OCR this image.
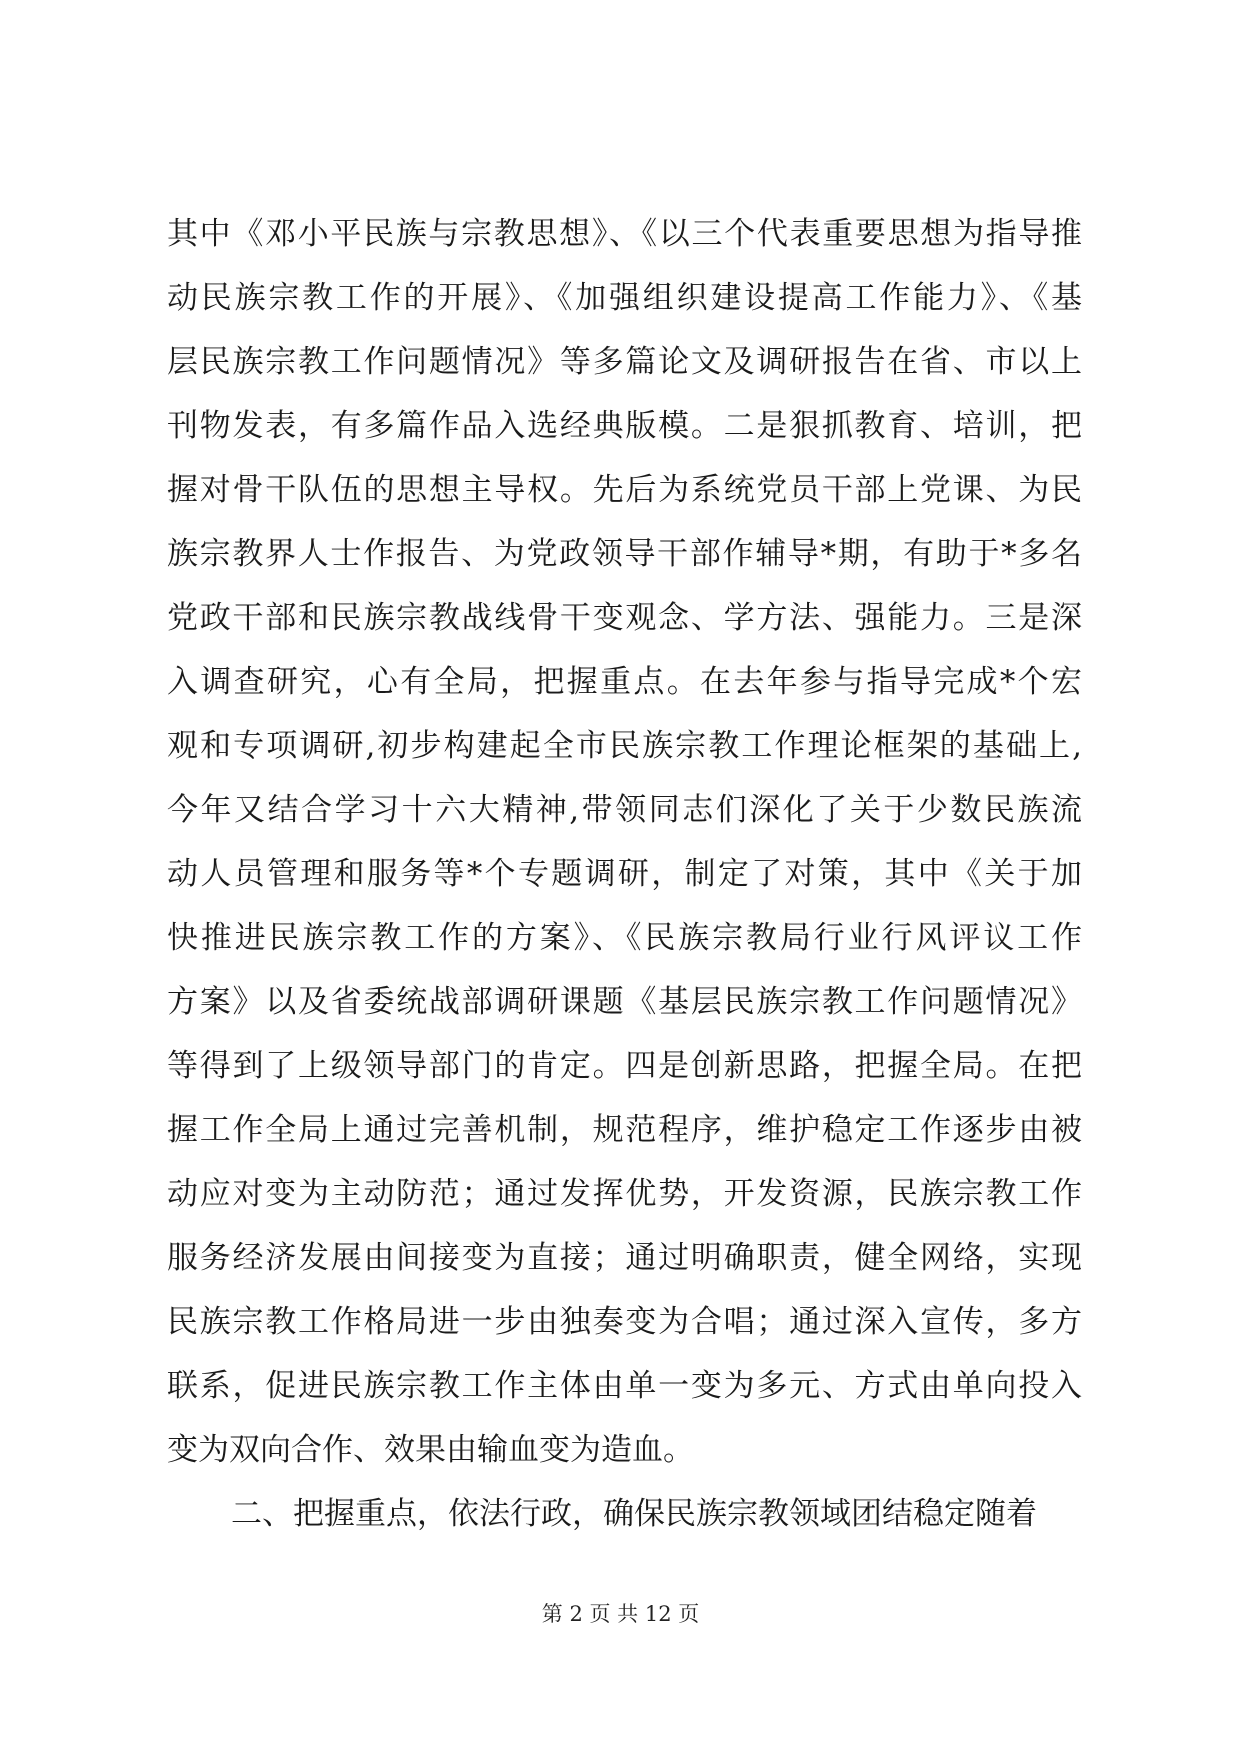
其中《邓小平民族与宗教思想》、《以三个代表重要思想为指导推
动民族宗教工作的开展》、《加强组织建设提高工作能力》、《基
层民族宗教工作问题情况》等多篇论文及调研报告在省、市以上
刊物发表，有多篇作品入选经典版模。二是狠抓教育、培训，把
握对骨干队伍的思想主导权。先后为系统党员干部上党课、为民
族宗教界人士作报告、为党政领导干部作辅导*期，有助于*多名
党政干部和民族宗教战线骨干变观念、学方法、强能力。三是深
入调查研究，心有全局，把握重点。在去年参与指导完成*个宏
观和专项调研,初步构建起全市民族宗教工作理论框架的基础上,
今年又结合学习十六大精神,带领同志们深化了关于少数民族流
动人员管理和服务等*个专题调研，制定了对策，其中《关于加
快推进民族宗教工作的方案》、《民族宗教局行业行风评议工作
方案》以及省委统战部调研课题《基层民族宗教工作问题情况》
等得到了上级领导部门的肯定。四是创新思路，把握全局。在把
握工作全局上通过完善机制，规范程序，维护稳定工作逐步由被
动应对变为主动防范；通过发挥优势，开发资源，民族宗教工作
服务经济发展由间接变为直接；通过明确职责，健全网络，实现
民族宗教工作格局进一步由独奏变为合唱；通过深入宣传，多方
联系，促进民族宗教工作主体由单一变为多元、方式由单向投入
变为双向合作、效果由输血变为造血。
二、把握重点，依法行政，确保民族宗教领域团结稳定随着
第 2 页 共 12 页
